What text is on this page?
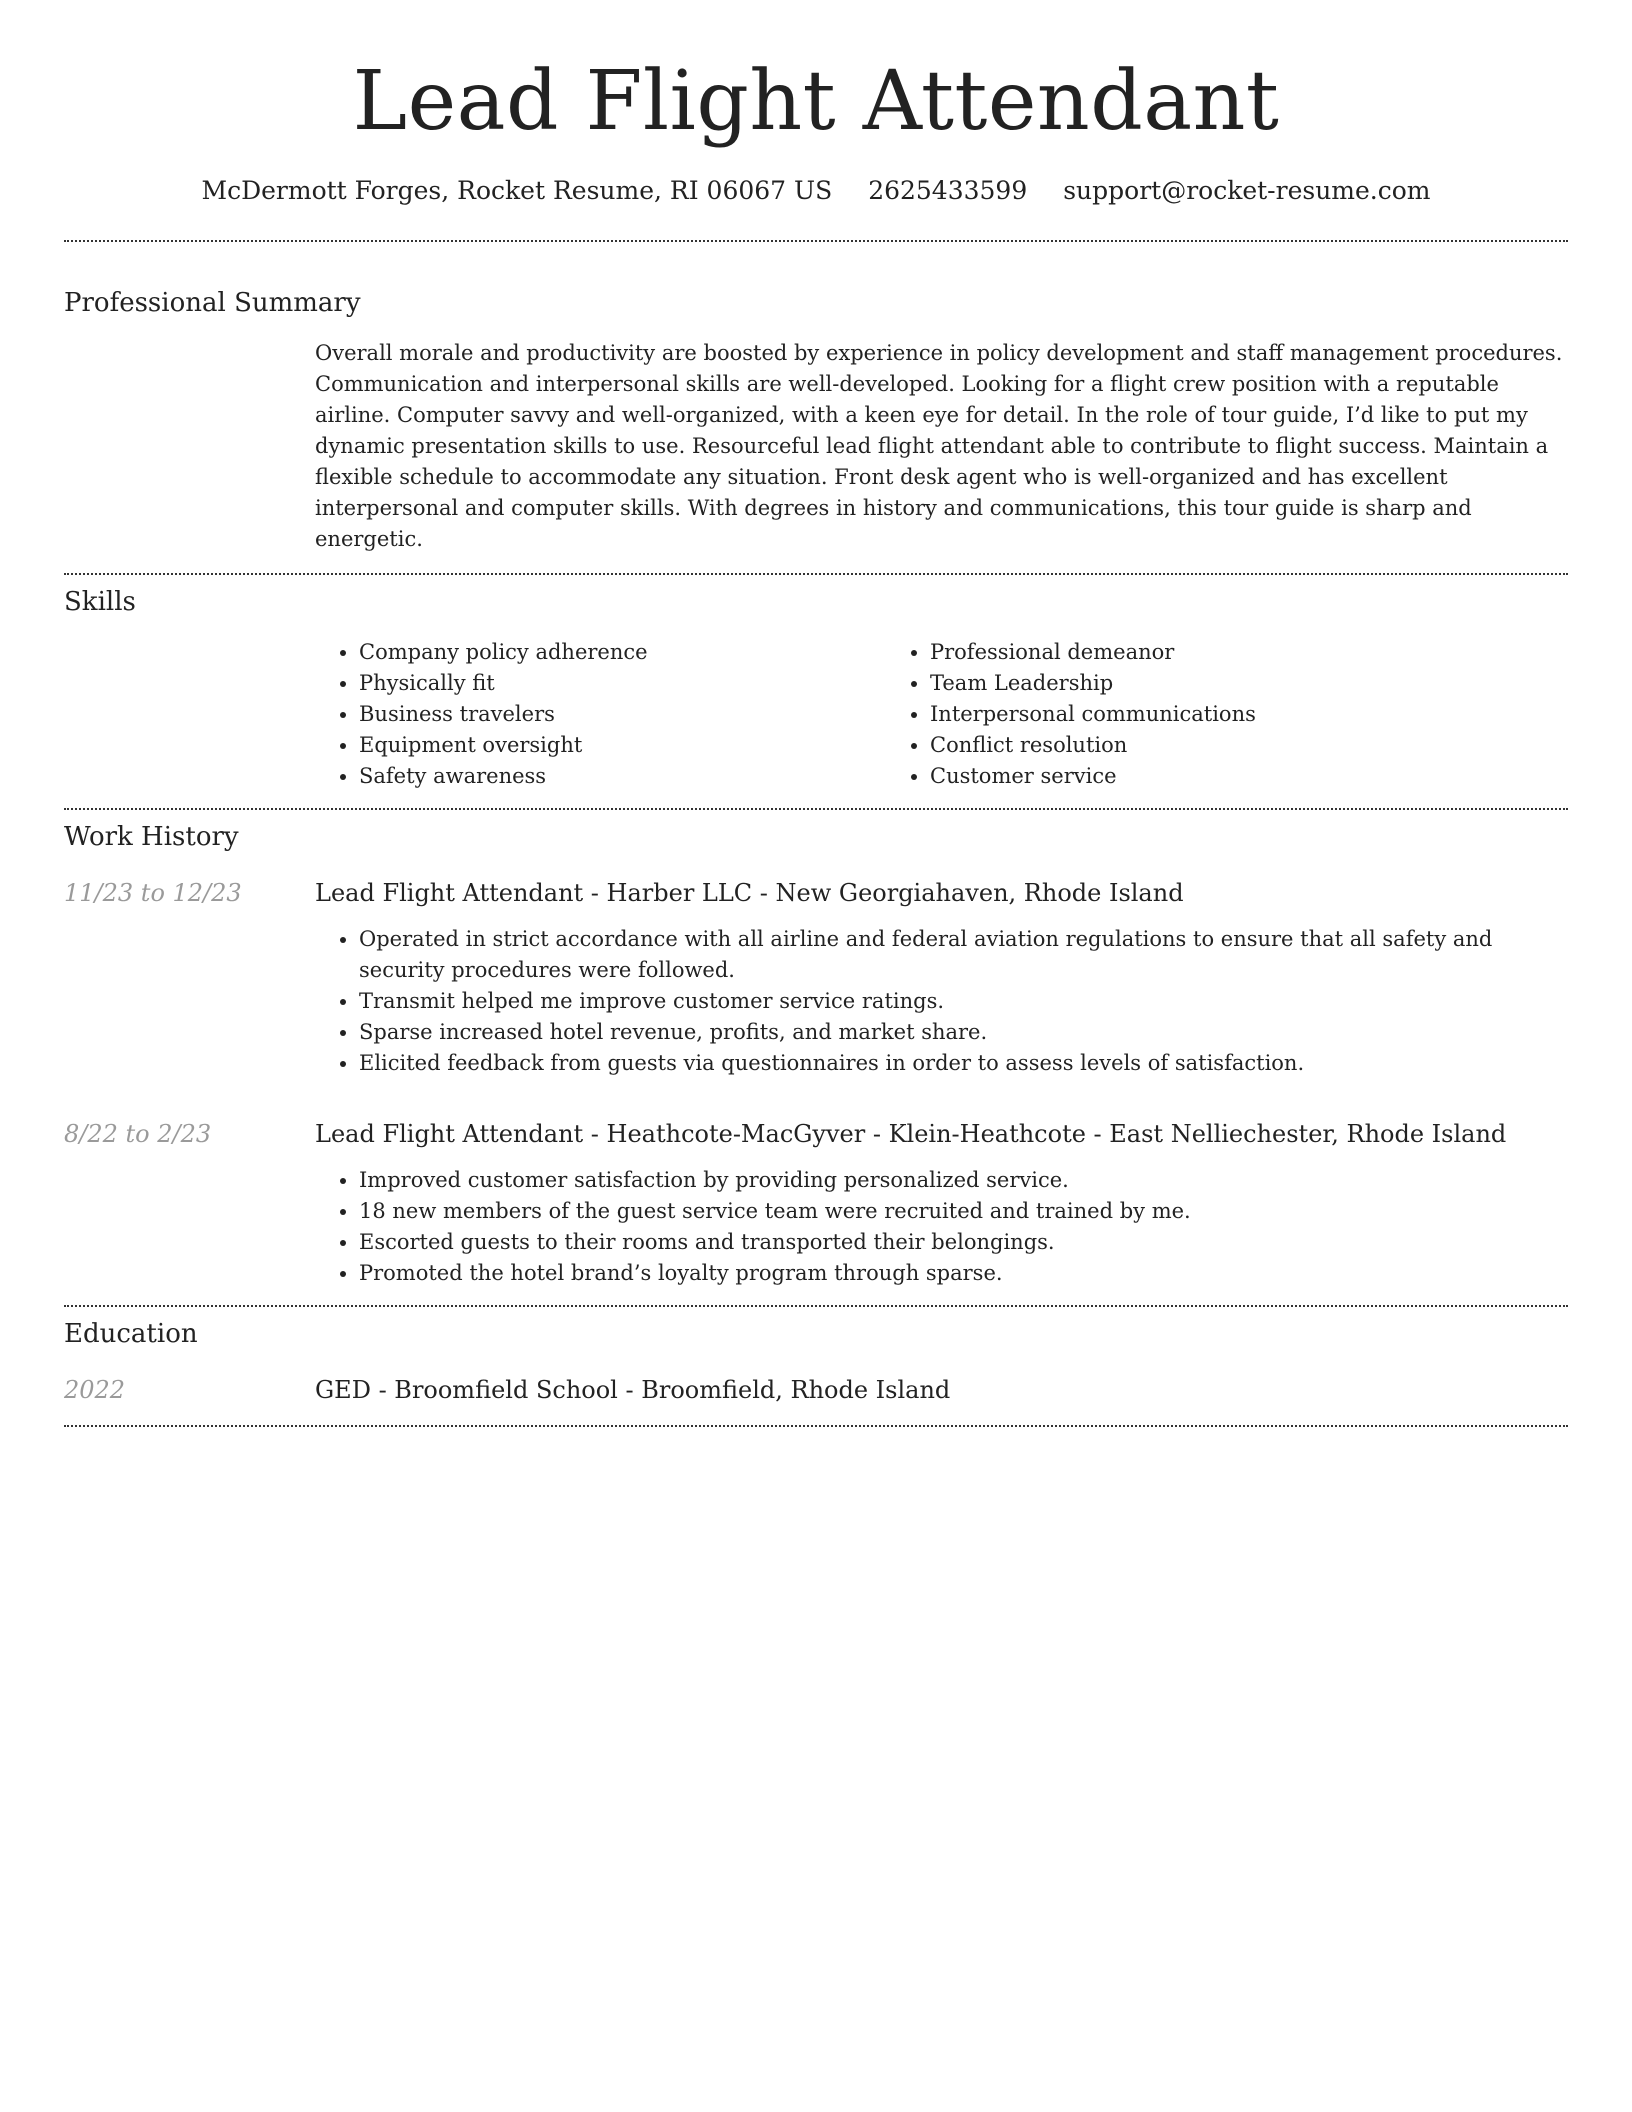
Lead Flight Attendant
McDermott Forges, Rocket Resume, RI 06067 US 2625433599 support@rocket-resume.com
Professional Summary

Overall morale and productivity are boosted by experience in policy development and staff management procedures. Communication and interpersonal skills are well-developed. Looking for a flight crew position with a reputable airline. Computer savvy and well-organized, with a keen eye for detail. In the role of tour guide, I’d like to put my dynamic presentation skills to use. Resourceful lead flight attendant able to contribute to flight success. Maintain a flexible schedule to accommodate any situation. Front desk agent who is well-organized and has excellent interpersonal and computer skills. With degrees in history and communications, this tour guide is sharp and energetic.

Skills
• Company policy adherence
• Physically fit
• Business travelers
• Equipment oversight
• Safety awareness
• Professional demeanor
• Team Leadership
• Interpersonal communications
• Conflict resolution
• Customer service
Work History
11/23 to 12/23	Lead Flight Attendant - Harber LLC - New Georgiahaven, Rhode Island
• Operated in strict accordance with all airline and federal aviation regulations to ensure that all safety and security procedures were followed.
• Transmit helped me improve customer service ratings.
• Sparse increased hotel revenue, profits, and market share.
• Elicited feedback from guests via questionnaires in order to assess levels of satisfaction.
8/22 to 2/23	Lead Flight Attendant - Heathcote-MacGyver - Klein-Heathcote - East Nelliechester, Rhode Island
• Improved customer satisfaction by providing personalized service.
• 18 new members of the guest service team were recruited and trained by me.
• Escorted guests to their rooms and transported their belongings.
• Promoted the hotel brand’s loyalty program through sparse.
Education
2022	GED - Broomfield School - Broomfield, Rhode Island
